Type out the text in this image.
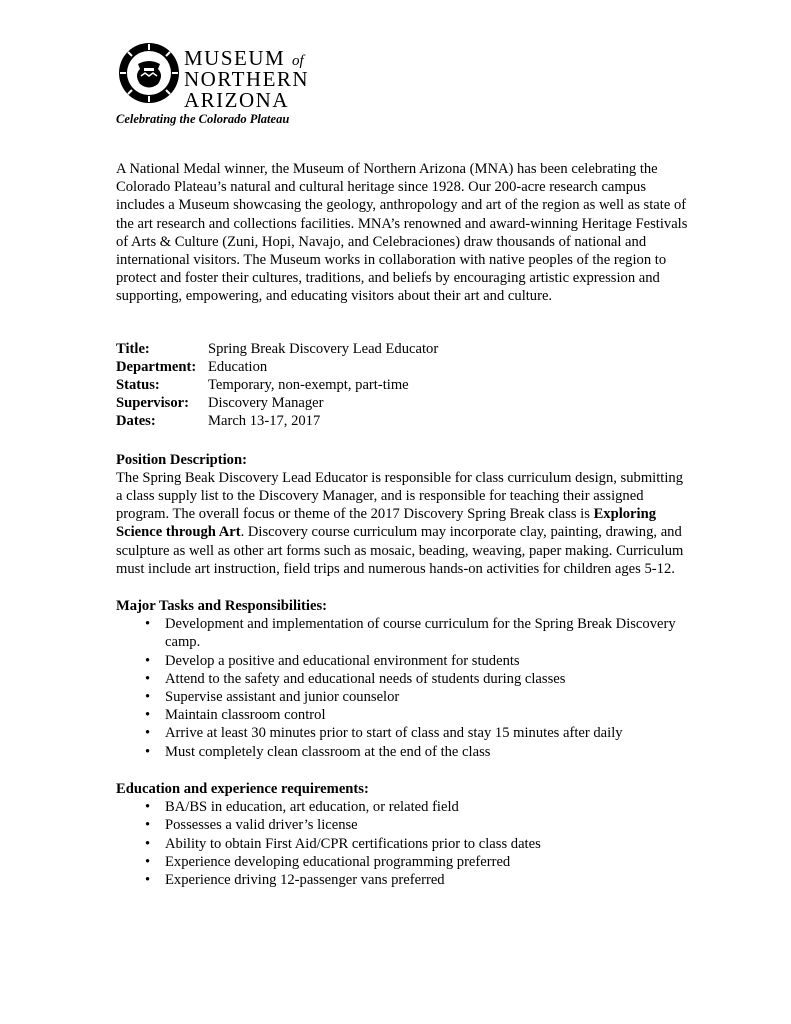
MUSEUM of
NORTHERN
ARIZONA
Celebrating the Colorado Plateau

A National Medal winner, the Museum of Northern Arizona (MNA) has been celebrating the Colorado Plateau’s natural and cultural heritage since 1928. Our 200-acre research campus includes a Museum showcasing the geology, anthropology and art of the region as well as state of the art research and collections facilities. MNA’s renowned and award-winning Heritage Festivals of Arts & Culture (Zuni, Hopi, Navajo, and Celebraciones) draw thousands of national and international visitors. The Museum works in collaboration with native peoples of the region to protect and foster their cultures, traditions, and beliefs by encouraging artistic expression and supporting, empowering, and educating visitors about their art and culture.

Title:	Spring Break Discovery Lead Educator
Department: Education
Status:	Temporary, non-exempt, part-time
Supervisor:	Discovery Manager
Dates:	March 13-17, 2017

Position Description:

The Spring Beak Discovery Lead Educator is responsible for class curriculum design, submitting a class supply list to the Discovery Manager, and is responsible for teaching their assigned program. The overall focus or theme of the 2017 Discovery Spring Break class is Exploring Science through Art. Discovery course curriculum may incorporate clay, painting, drawing, and sculpture as well as other art forms such as mosaic, beading, weaving, paper making. Curriculum must include art instruction, field trips and numerous hands-on activities for children ages 5-12.

Major Tasks and Responsibilities:

• Development and implementation of course curriculum for the Spring Break Discovery camp.
• Develop a positive and educational environment for students
• Attend to the safety and educational needs of students during classes
• Supervise assistant and junior counselor
• Maintain classroom control
• Arrive at least 30 minutes prior to start of class and stay 15 minutes after daily
• Must completely clean classroom at the end of the class

Education and experience requirements:

• BA/BS in education, art education, or related field
• Possesses a valid driver’s license
• Ability to obtain First Aid/CPR certifications prior to class dates
• Experience developing educational programming preferred
• Experience driving 12-passenger vans preferred
